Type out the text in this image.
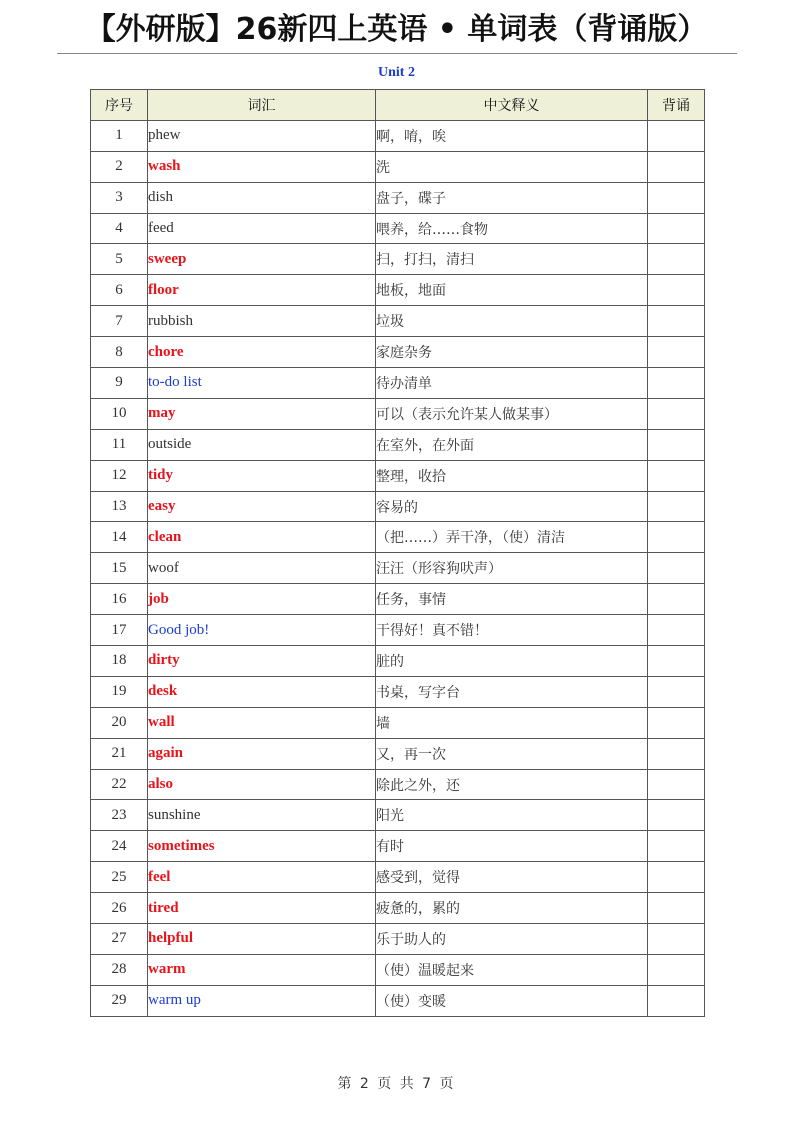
【外研版】26新四上英语 • 单词表（背诵版）
Unit 2
序号	词汇	中文释义	背诵
1	phew	啊，唷，唉	
2	wash	洗	
3	dish	盘子，碟子	
4	feed	喂养，给……食物	
5	sweep	扫，打扫，清扫	
6	floor	地板，地面	
7	rubbish	垃圾	
8	chore	家庭杂务	
9	to-do list	待办清单	
10	may	可以（表示允许某人做某事）	
11	outside	在室外，在外面	
12	tidy	整理，收拾	
13	easy	容易的	
14	clean	（把……）弄干净，（使）清洁	
15	woof	汪汪（形容狗吠声）	
16	job	任务，事情	
17	Good job!	干得好！真不错！	
18	dirty	脏的	
19	desk	书桌，写字台	
20	wall	墙	
21	again	又，再一次	
22	also	除此之外，还	
23	sunshine	阳光	
24	sometimes	有时	
25	feel	感受到，觉得	
26	tired	疲惫的，累的	
27	helpful	乐于助人的	
28	warm	（使）温暖起来	
29	warm up	（使）变暖	
第 2 页 共 7 页
